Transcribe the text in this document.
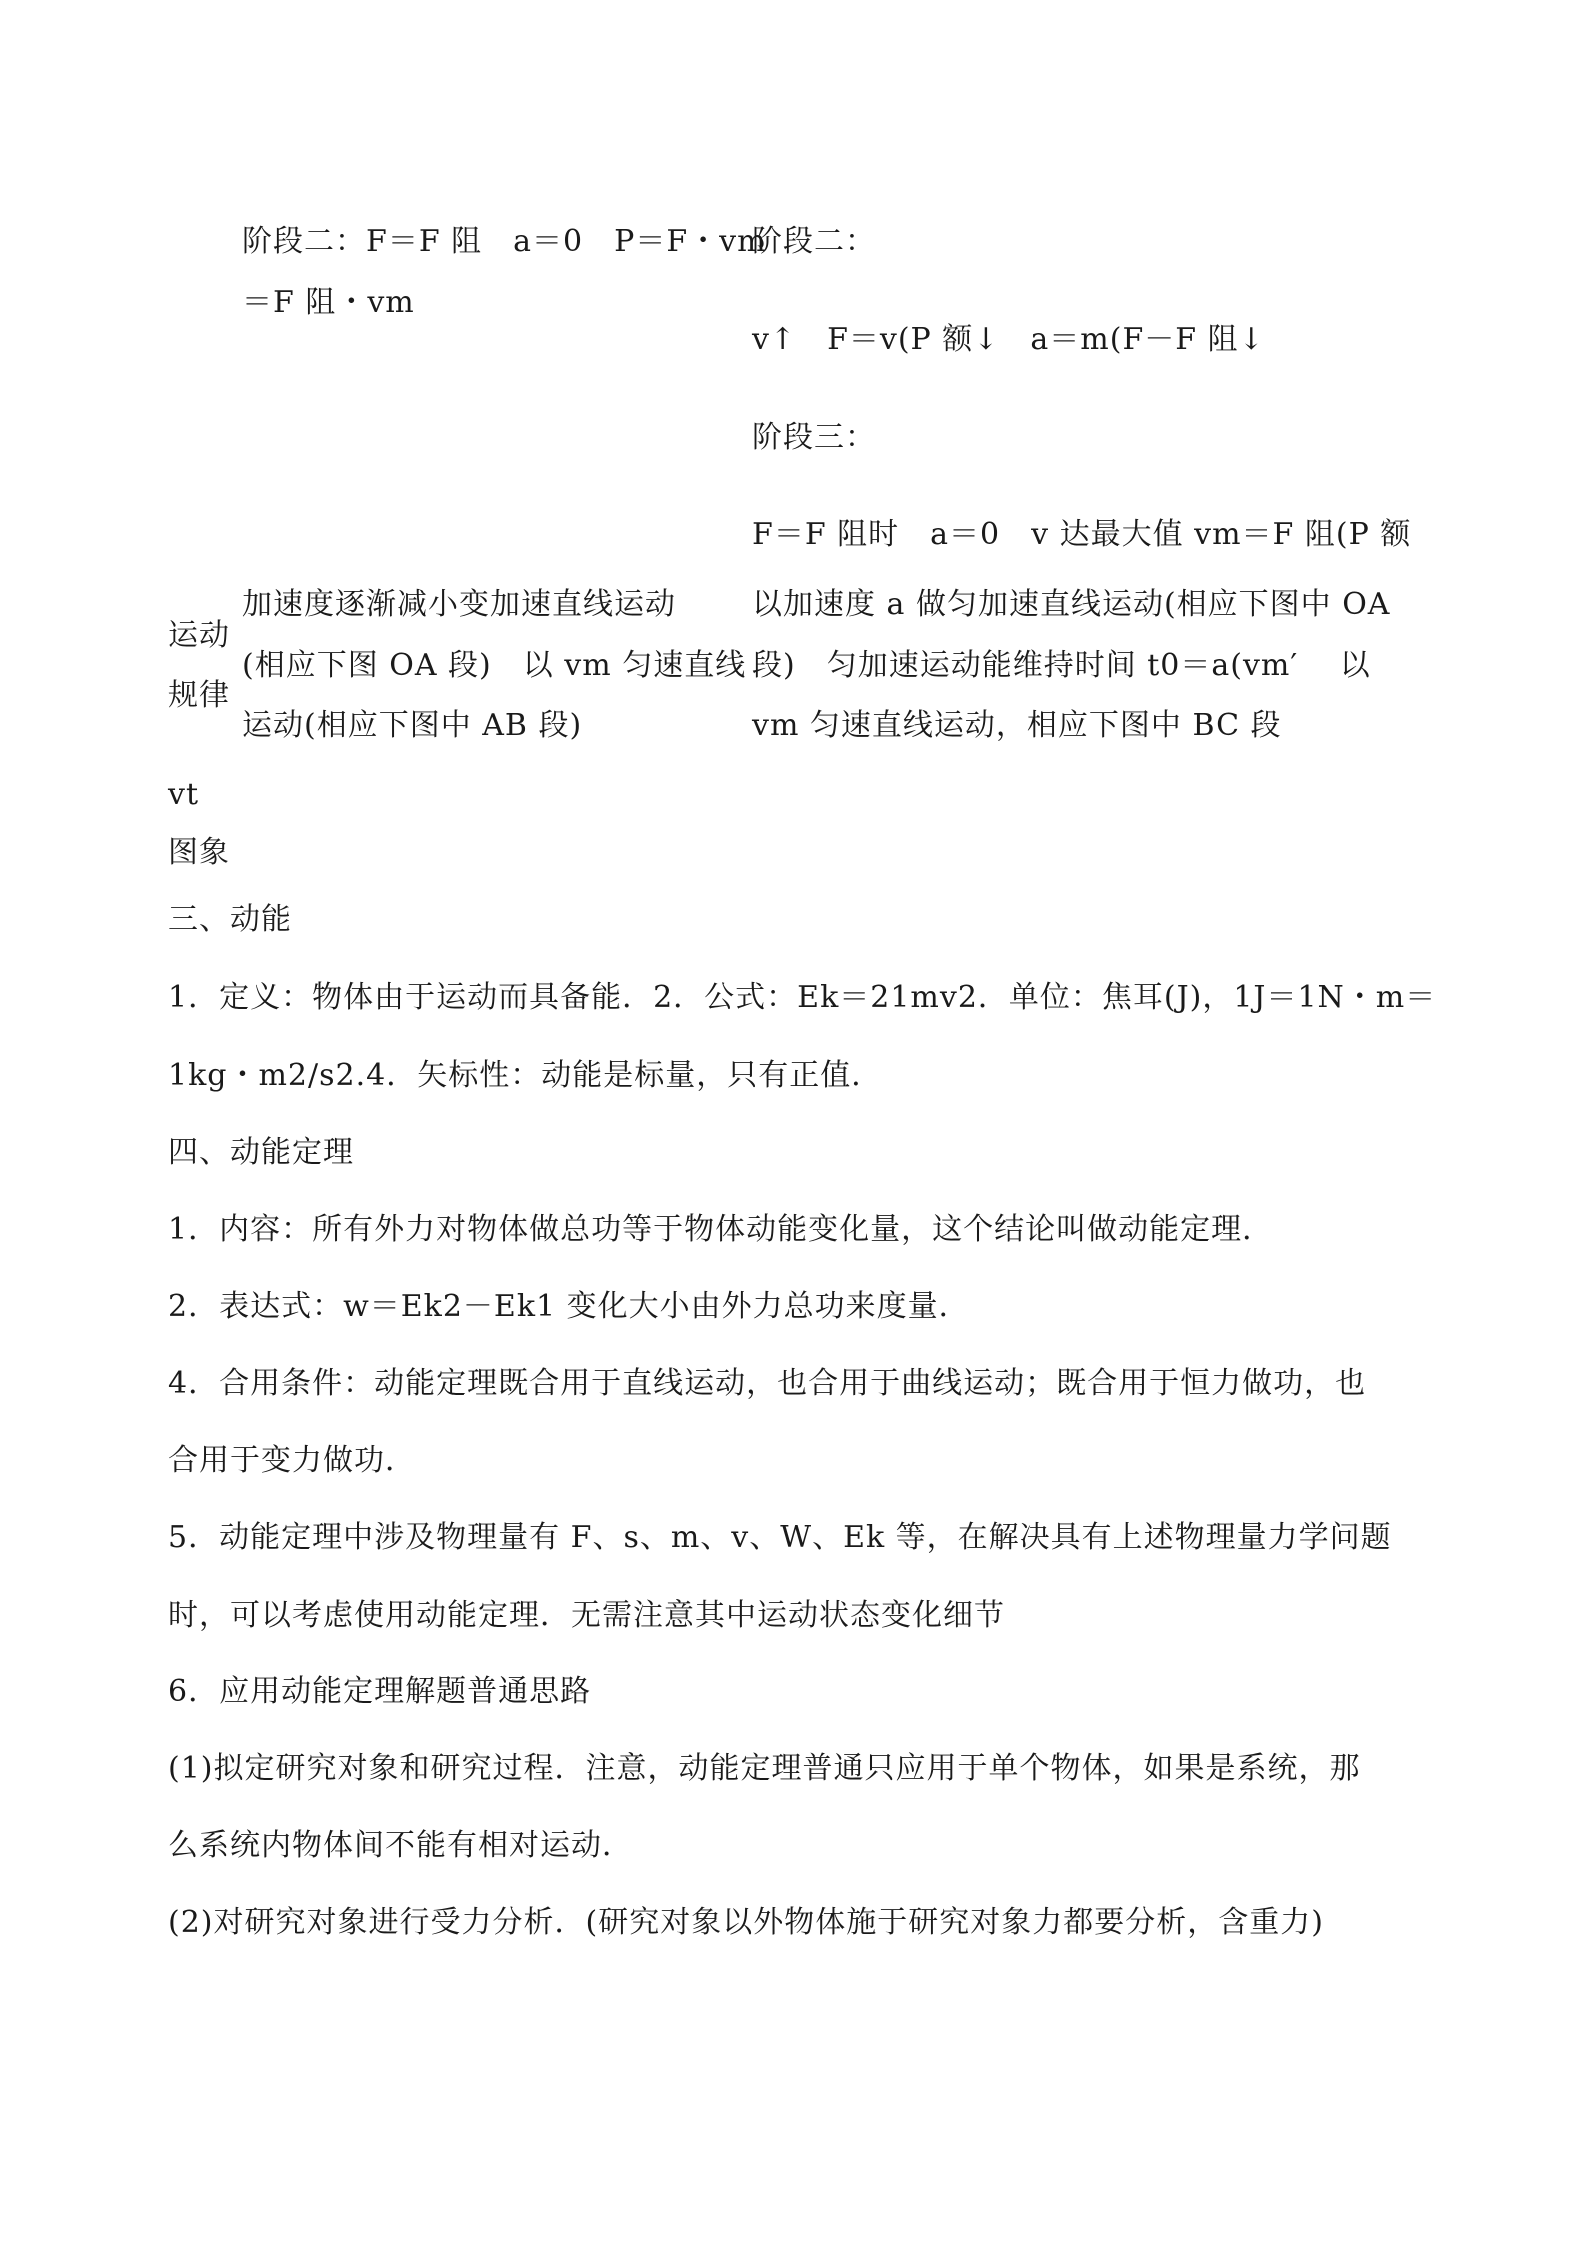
阶段二：F＝F 阻　a＝0　P＝F・vm
＝F 阻・vm
阶段二：
v↑　F＝v(P 额↓　a＝m(F－F 阻↓
阶段三：
F＝F 阻时　a＝0　v 达最大值 vm＝F 阻(P 额
运动
规律
加速度逐渐减小变加速直线运动
(相应下图 OA 段)　以 vm 匀速直线
运动(相应下图中 AB 段)
以加速度 a 做匀加速直线运动(相应下图中 OA
段)　匀加速运动能维持时间 t0＝a(vm′　 以
vm 匀速直线运动，相应下图中 BC 段
vt
图象
三、动能
1．定义：物体由于运动而具备能．2．公式：Ek＝21mv2．单位：焦耳(J)，1J＝1N・m＝
1kg・m2/s2.4．矢标性：动能是标量，只有正值．
四、动能定理
1．内容：所有外力对物体做总功等于物体动能变化量，这个结论叫做动能定理．
2．表达式：w＝Ek2－Ek1 变化大小由外力总功来度量．
4．合用条件：动能定理既合用于直线运动，也合用于曲线运动；既合用于恒力做功，也
合用于变力做功．
5．动能定理中涉及物理量有 F、s、m、v、W、Ek 等，在解决具有上述物理量力学问题
时，可以考虑使用动能定理．无需注意其中运动状态变化细节
6．应用动能定理解题普通思路
(1)拟定研究对象和研究过程．注意，动能定理普通只应用于单个物体，如果是系统，那
么系统内物体间不能有相对运动．
(2)对研究对象进行受力分析．(研究对象以外物体施于研究对象力都要分析，含重力)
